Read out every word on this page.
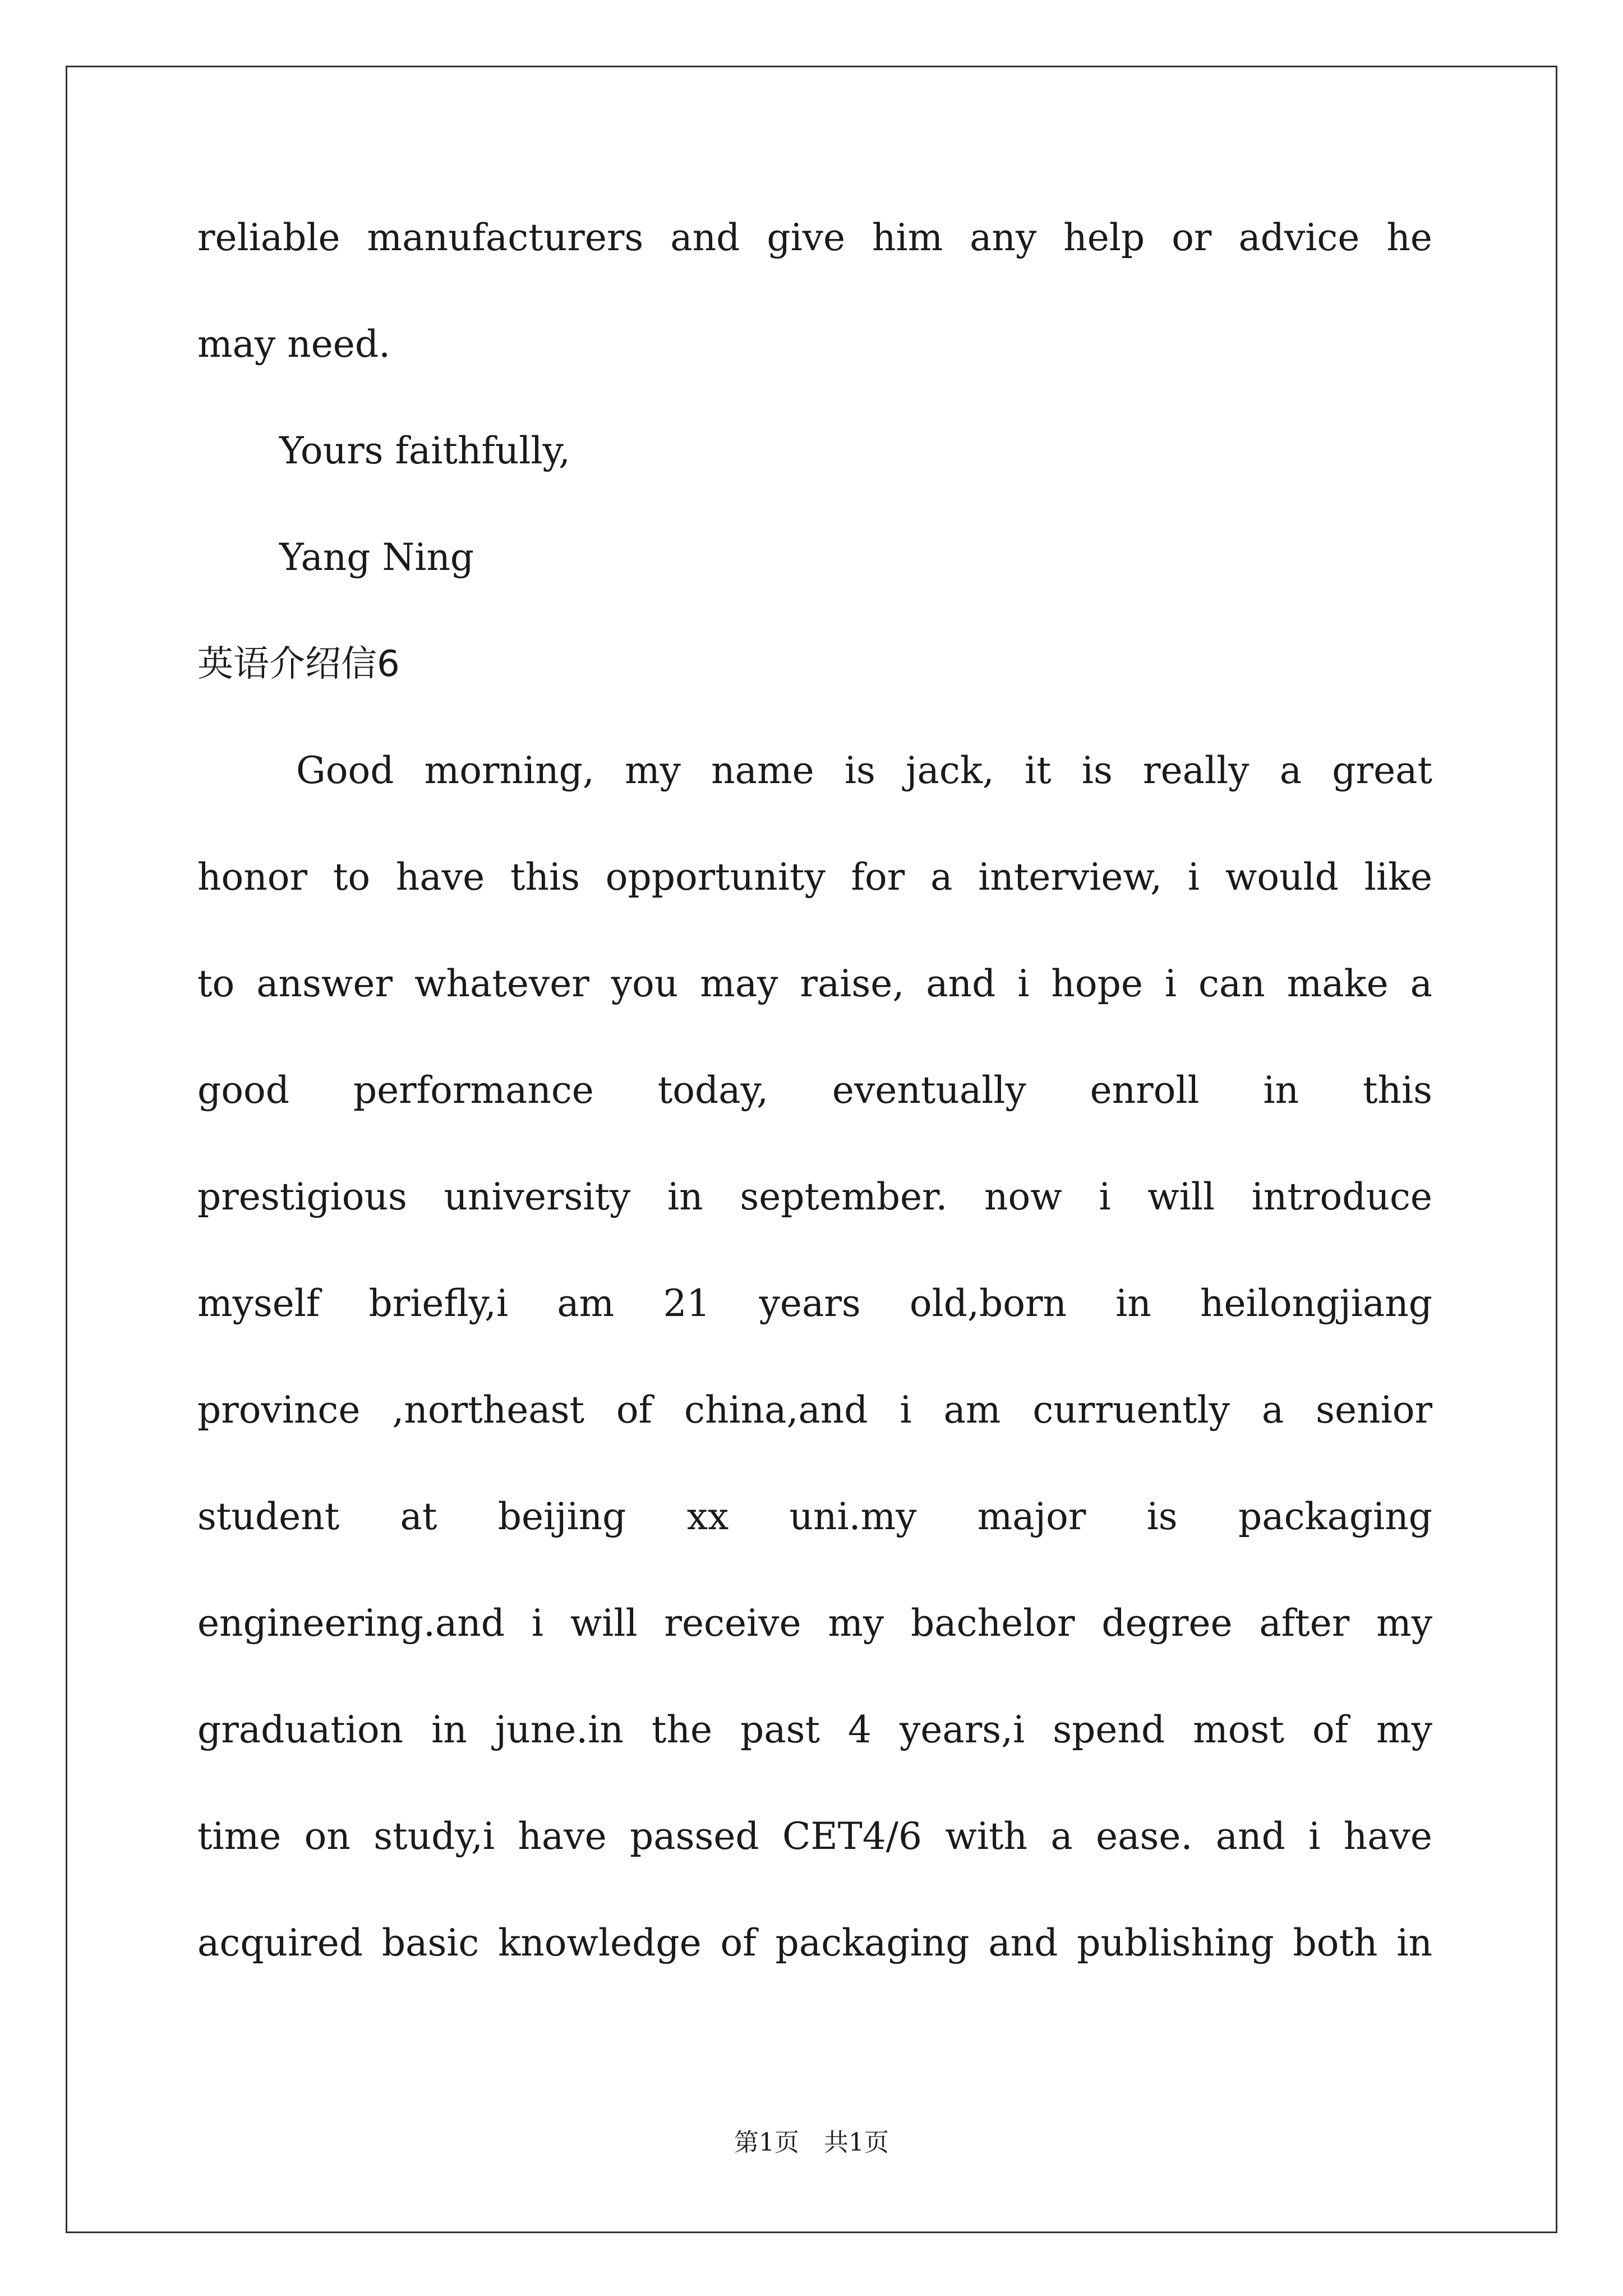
reliable manufacturers and give him any help or advice he
may need.
Yours faithfully,
Yang Ning
英语介绍信6
Good morning, my name is jack, it is really a great
honor to have this opportunity for a interview, i would like
to answer whatever you may raise, and i hope i can make a
good performance today, eventually enroll in this
prestigious university in september. now i will introduce
myself briefly,i am 21 years old,born in heilongjiang
province ,northeast of china,and i am curruently a senior
student at beijing xx uni.my major is packaging
engineering.and i will receive my bachelor degree after my
graduation in june.in the past 4 years,i spend most of my
time on study,i have passed CET4/6 with a ease. and i have
acquired basic knowledge of packaging and publishing both in
第1页 共1页
